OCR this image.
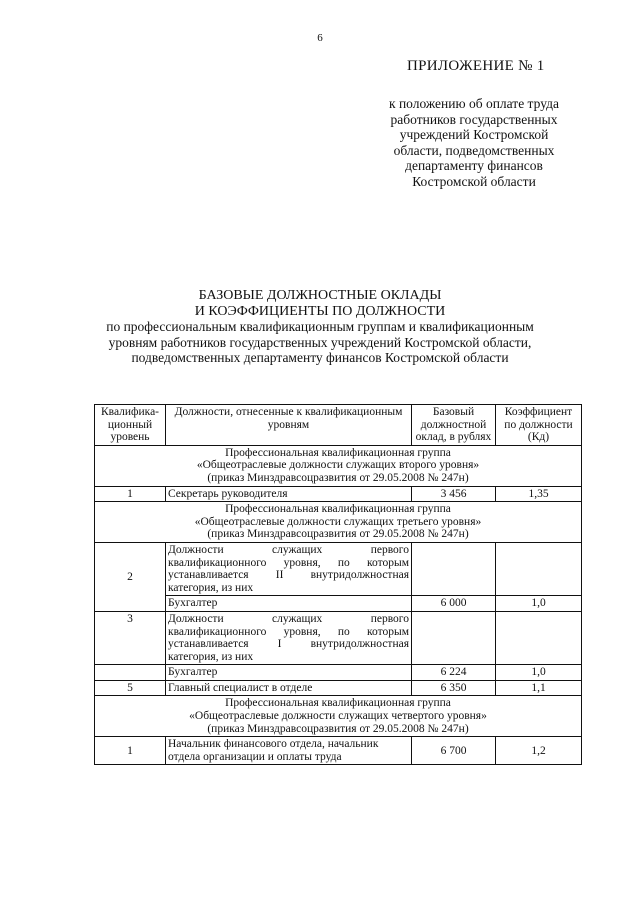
6
ПРИЛОЖЕНИЕ № 1
к положению об оплате труда
работников государственных
учреждений Костромской
области, подведомственных
департаменту финансов
Костромской области
БАЗОВЫЕ ДОЛЖНОСТНЫЕ ОКЛАДЫ
И КОЭФФИЦИЕНТЫ ПО ДОЛЖНОСТИ
по профессиональным квалификационным группам и квалификационным
уровням работников государственных учреждений Костромской области,
подведомственных департаменту финансов Костромской области
Квалифика-ционный уровень	Должности, отнесенные к квалификационным уровням	Базовый должностной оклад, в рублях	Коэффициент по должности (Кд)

Профессиональная квалификационная группа
«Общеотраслевые должности служащих второго уровня»
(приказ Минздравсоцразвития от 29.05.2008 № 247н)			

1	Секретарь руководителя	3 456	1,35

Профессиональная квалификационная группа
«Общеотраслевые должности служащих третьего уровня»
(приказ Минздравсоцразвития от 29.05.2008 № 247н)			

2	Должности служащих первого квалификационного уровня, по которым устанавливается II внутридолжностная категория, из них		
	Бухгалтер	6 000	1,0
3	Должности служащих первого квалификационного уровня, по которым устанавливается I внутридолжностная категория, из них		
	Бухгалтер	6 224	1,0
5	Главный специалист в отделе	6 350	1,1

Профессиональная квалификационная группа
«Общеотраслевые должности служащих четвертого уровня»
(приказ Минздравсоцразвития от 29.05.2008 № 247н)			

1	Начальник финансового отдела, начальник отдела организации и оплаты труда	6 700	1,2
